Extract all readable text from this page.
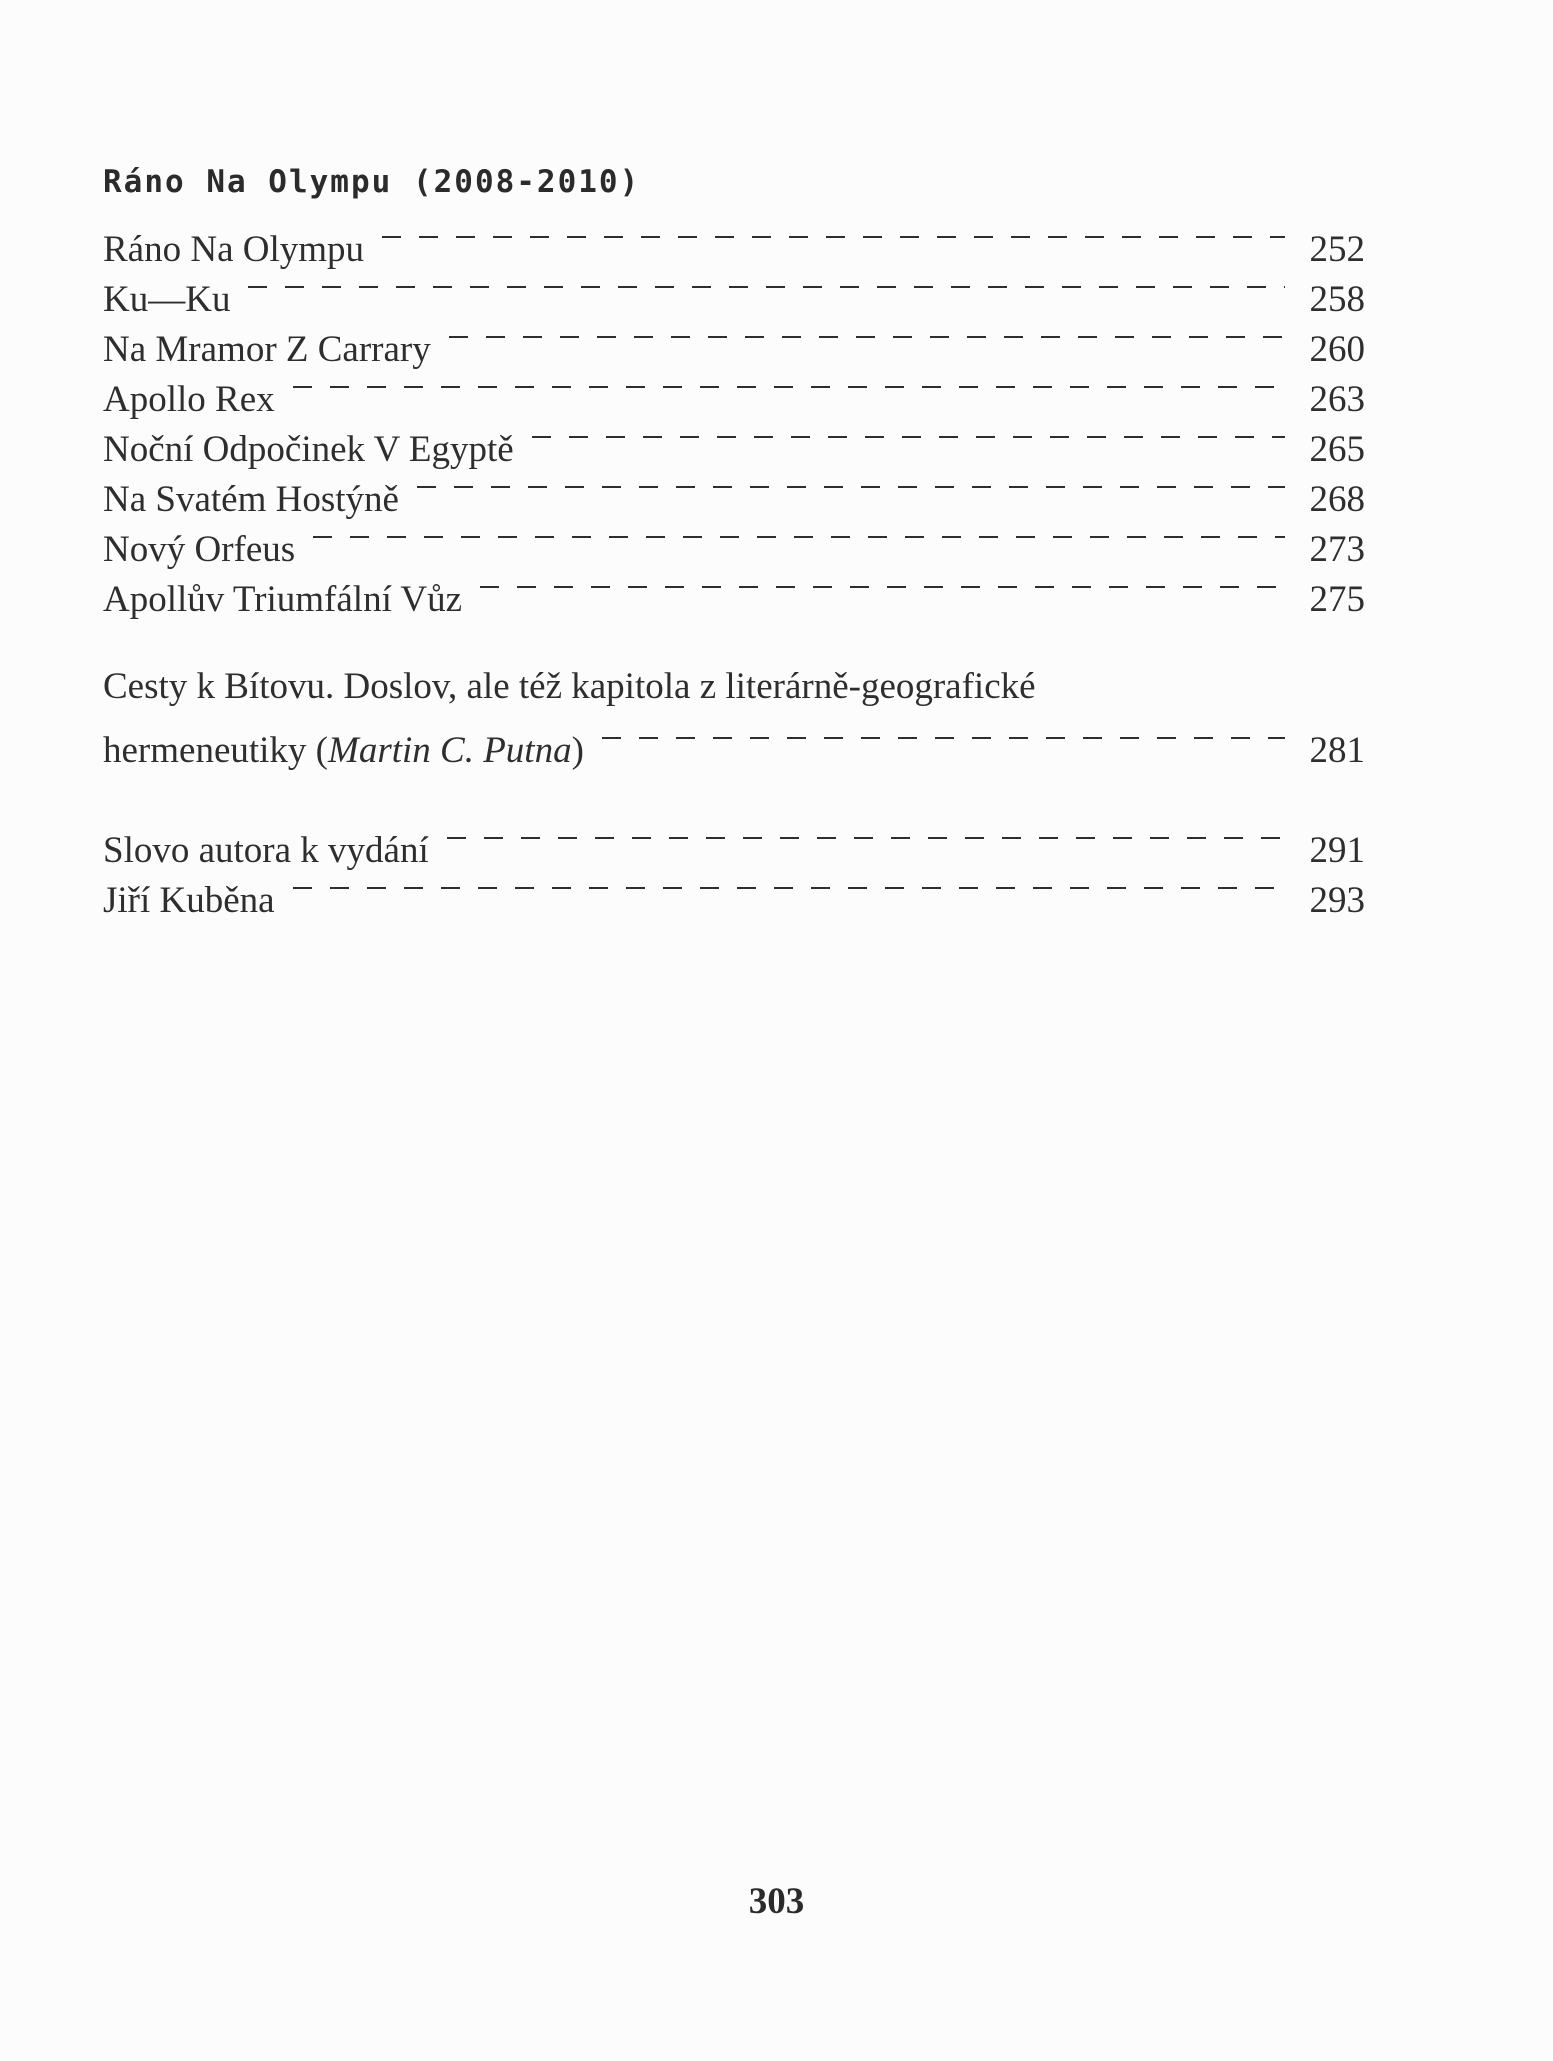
Ráno Na Olympu (2008-2010)
Ráno Na Olympu	252
Ku—Ku	258
Na Mramor Z Carrary	260
Apollo Rex	263
Noční Odpočinek V Egyptě	265
Na Svatém Hostýně	268
Nový Orfeus	273
Apollův Triumfální Vůz	275
Cesty k Bítovu. Doslov, ale též kapitola z literárně-geografické
hermeneutiky (Martin C. Putna)	281
Slovo autora k vydání	291
Jiří Kuběna	293
303
